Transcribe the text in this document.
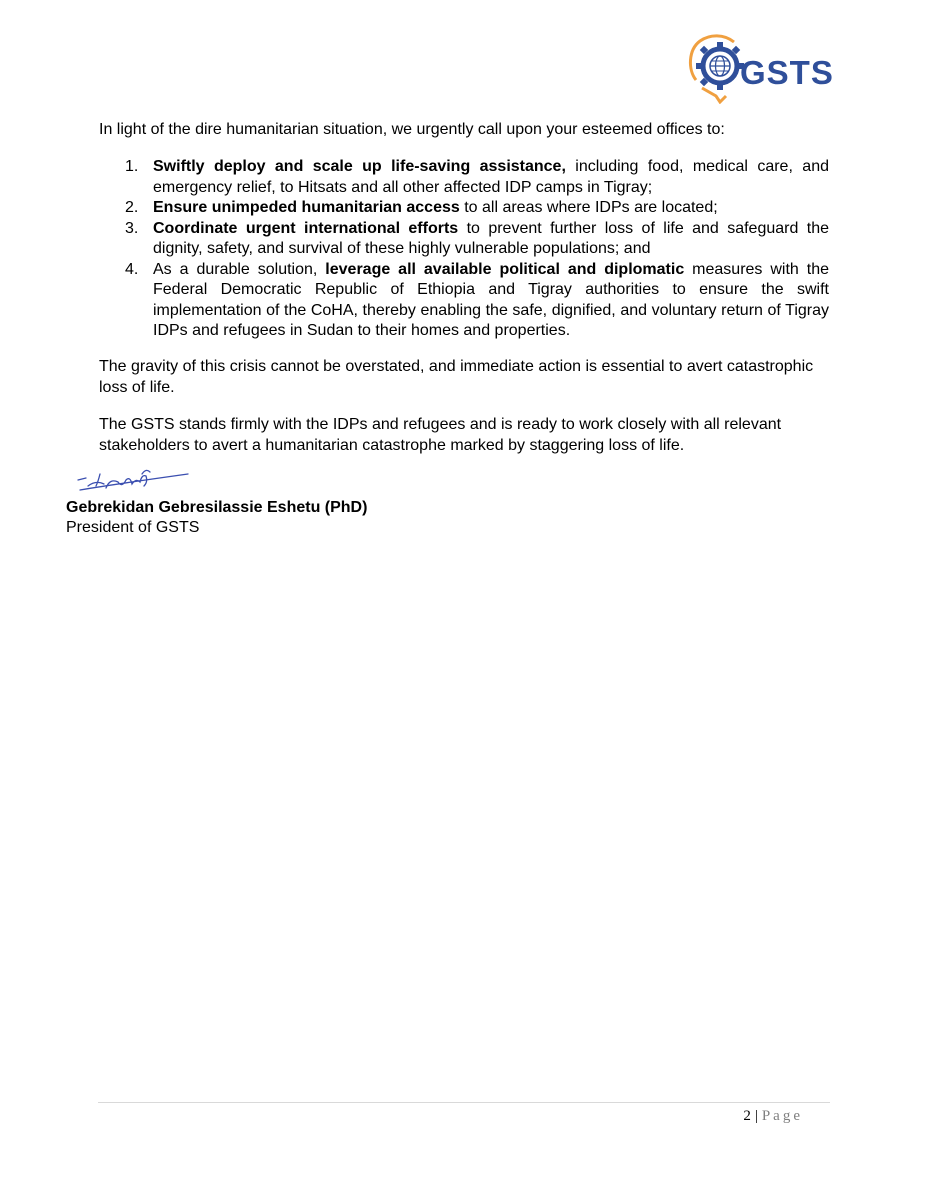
GSTS
In light of the dire humanitarian situation, we urgently call upon your esteemed offices to:
1. Swiftly deploy and scale up life-saving assistance, including food, medical care, and emergency relief, to Hitsats and all other affected IDP camps in Tigray;
2. Ensure unimpeded humanitarian access to all areas where IDPs are located;
3. Coordinate urgent international efforts to prevent further loss of life and safeguard the dignity, safety, and survival of these highly vulnerable populations; and
4. As a durable solution, leverage all available political and diplomatic measures with the Federal Democratic Republic of Ethiopia and Tigray authorities to ensure the swift implementation of the CoHA, thereby enabling the safe, dignified, and voluntary return of Tigray IDPs and refugees in Sudan to their homes and properties.
The gravity of this crisis cannot be overstated, and immediate action is essential to avert catastrophic loss of life.
The GSTS stands firmly with the IDPs and refugees and is ready to work closely with all relevant stakeholders to avert a humanitarian catastrophe marked by staggering loss of life.
Gebrekidan Gebresilassie Eshetu (PhD)
President of GSTS
2 | Page
